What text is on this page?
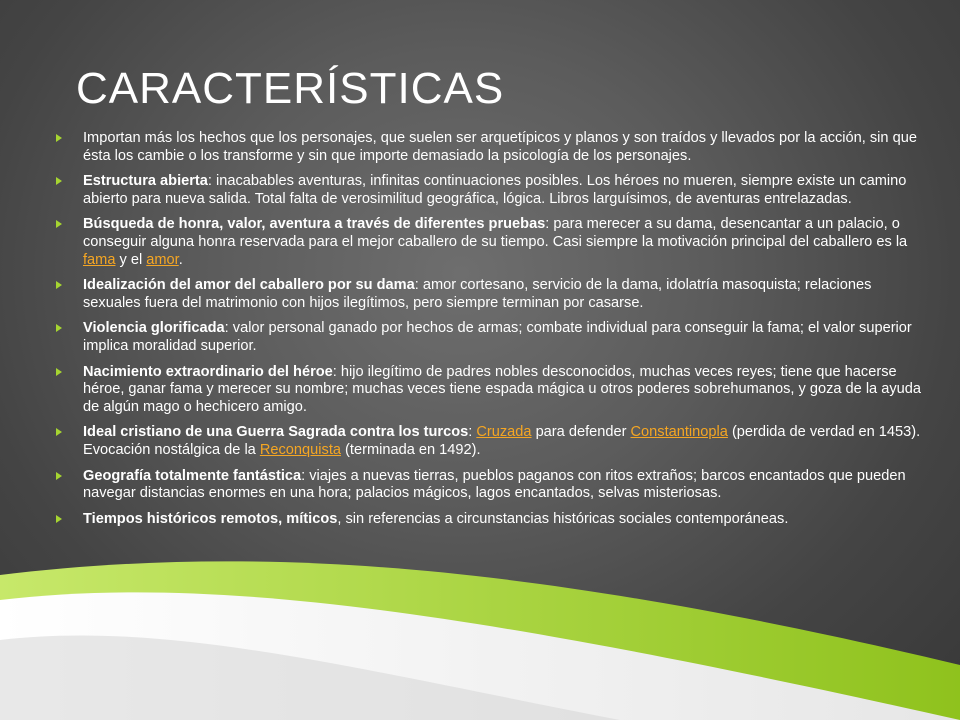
CARACTERÍSTICAS
Importan más los hechos que los personajes, que suelen ser arquetípicos y planos y son traídos y llevados por la acción, sin que ésta los cambie o los transforme y sin que importe demasiado la psicología de los personajes.
Estructura abierta: inacabables aventuras, infinitas continuaciones posibles. Los héroes no mueren, siempre existe un camino abierto para nueva salida. Total falta de verosimilitud geográfica, lógica. Libros larguísimos, de aventuras entrelazadas.
Búsqueda de honra, valor, aventura a través de diferentes pruebas: para merecer a su dama, desencantar a un palacio, o conseguir alguna honra reservada para el mejor caballero de su tiempo. Casi siempre la motivación principal del caballero es la fama y el amor.
Idealización del amor del caballero por su dama: amor cortesano, servicio de la dama, idolatría masoquista; relaciones sexuales fuera del matrimonio con hijos ilegítimos, pero siempre terminan por casarse.
Violencia glorificada: valor personal ganado por hechos de armas; combate individual para conseguir la fama; el valor superior implica moralidad superior.
Nacimiento extraordinario del héroe: hijo ilegítimo de padres nobles desconocidos, muchas veces reyes; tiene que hacerse héroe, ganar fama y merecer su nombre; muchas veces tiene espada mágica u otros poderes sobrehumanos, y goza de la ayuda de algún mago o hechicero amigo.
Ideal cristiano de una Guerra Sagrada contra los turcos: Cruzada para defender Constantinopla (perdida de verdad en 1453). Evocación nostálgica de la Reconquista (terminada en 1492).
Geografía totalmente fantástica: viajes a nuevas tierras, pueblos paganos con ritos extraños; barcos encantados que pueden navegar distancias enormes en una hora; palacios mágicos, lagos encantados, selvas misteriosas.
Tiempos históricos remotos, míticos, sin referencias a circunstancias históricas sociales contemporáneas.
